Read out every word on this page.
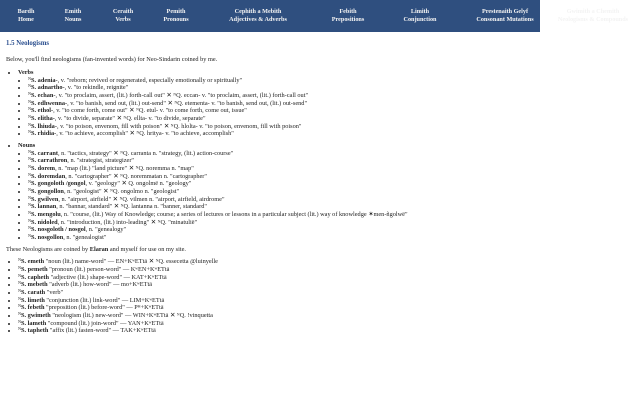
Bardh
Home
Emith
Nouns
Ceraith
Verbs
Pemith
Pronouns
Cephith a Mebith
Adjectives & Adverbs
Febith
Prepositions
Limith
Conjunction
Prestenaith Gelyf
Consonant Mutations
Gwimith a Chemith
Neologisms & Compounds
1.5 Neologisms

Below, you'll find neologisms (fan-invented words) for Neo-Sindarin coined by me.

• Verbs
• $^N$S. adenia-, v. "reborn; revived or regenerated, especially emotionally or spiritually"
• $^N$S. adnartho-, v. "to rekindle, reignite"
• $^N$S. echan-, v. "to proclaim, assert, (lit.) forth-call out" ✕ ᴺQ. eccan- v. "to proclaim, assert, (lit.) forth-call out"
• $^N$S. edhwenna-, v. "to banish, send out, (lit.) out-send" ✕ ᴺQ. etementa- v. "to banish, send out, (lit.) out-send"
• $^N$S. ethol-, v. "to come forth, come out" ✕ ᴺQ. etul- v. "to come forth, come out, issue"
• $^N$S. elitha-, v. "to divide, separate" ✕ ᴺQ. ellta- v. "to divide, separate"
• $^N$S. lhiuda-, v. "to poison, envenom, fill with poison" ✕ ᴺQ. hlolta- v. "to poison, envenom, fill with poison"
• $^N$S. rhidia-, v. "to achieve, accomplish" ✕ ᴺQ. hritya- v. "to achieve, accomplish"
• Nouns
• $^N$S. carrant, n. "tactics, strategy" ✕ ᴺQ. carranta n. "strategy, (lit.) action-course"
• $^N$S. carrathron, n. "strategist, strategizer"
• $^N$S. dorem, n. "map (lit.) "land picture" ✕ ᴺQ. noremma n. "map"
• $^N$S. doremdan, n. "cartographer" ✕ ᴺQ. noremmatan n. "cartographer"
• $^N$S. gongoloth /gongol, v. "geology" ✕ Q. ongolmë n. "geology"
• $^N$S. gongollon, n. "geologist" ✕ ᴺQ. ongolmo n. "geologist"
• $^N$S. gwilven, n. "airport, airfield" ✕ ᴺQ. vilmen n. "airport, airfield, airdrome"
• $^N$S. lannan, n. "bannar, standard" ✕ ᴺQ. lantanna n. "banner, standard"
• $^N$S. mengolu, n. "course, (lit.) Way of Knowledge; course; a series of lectures or lessons in a particular subject (lit.) way of knowledge ✶men-ñgolwë"
• $^N$S. nidoled, n. "introduction, (lit.) into-leading" ✕ ᴺQ. "minatulië"
• $^N$S. nosgoloth / nosgol, n. "genealogy"
• $^N$S. nosgollon, n. "genealogist"

These Neologisms are coined by Elaran and myself for use on my site.

• $^N$S. emeth "noun (lit.) name-word" — EN+KʷETtā ✕ ᴺQ. essecetta @luinyelle
• $^N$S. pemeth "pronoun (lit.) person-word" — KʷEN+KʷETtā
• $^N$S. capheth "adjective (lit.) shape-word" — KAT+KʷETtā
• $^N$S. mebeth "adverb (lit.) how-word" — mo+KʷETtā
• $^N$S. carath "verb"
• $^N$S. limeth "conjunction (lit.) link-word" — LIM+KʷETtā
• $^N$S. febeth "preposition (lit.) before-word" — Pᴴ+KʷETtā
• $^N$S. gwimeth "neologism (lit.) new-word" — WIN+KʷETtā ✕ ᴺQ. !vinquetta
• $^N$S. lameth "compound (lit.) join-word" — YAN+KʷETtā
• $^N$S. tapheth "affix (lit.) fasten-word" — TAK+KʷETtā
